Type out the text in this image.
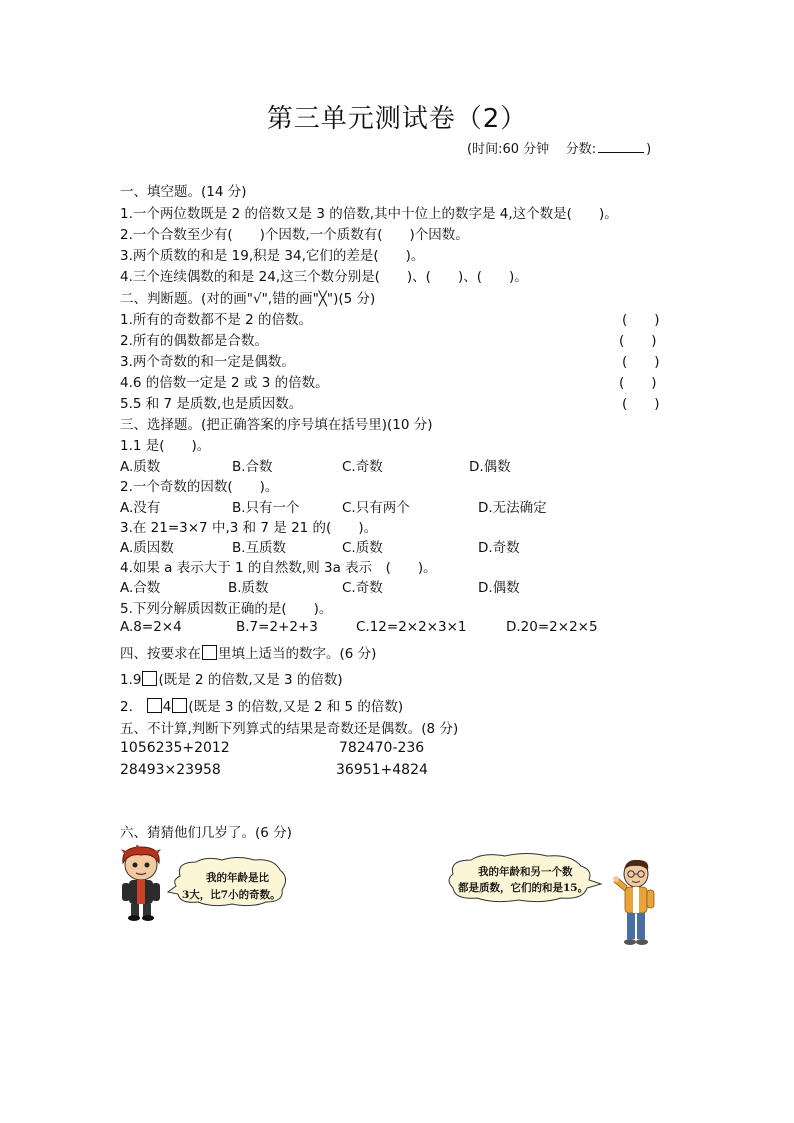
第三单元测试卷（2）
(时间:60 分钟 分数:	)
一、填空题。(14 分)
1.一个两位数既是 2 的倍数又是 3 的倍数,其中十位上的数字是 4,这个数是(　　)。
2.一个合数至少有(　　)个因数,一个质数有(　　)个因数。
3.两个质数的和是 19,积是 34,它们的差是(　　)。
4.三个连续偶数的和是 24,这三个数分别是(　　)、(　　)、(　　)。
二、判断题。(对的画"√",错的画"╳")(5 分)
1.所有的奇数都不是 2 的倍数。	(　　)
2.所有的偶数都是合数。	(　　)
3.两个奇数的和一定是偶数。	(　　)
4.6 的倍数一定是 2 或 3 的倍数。	(　　)
5.5 和 7 是质数,也是质因数。	(　　)
三、选择题。(把正确答案的序号填在括号里)(10 分)
1.1 是(　　)。
A.质数	B.合数	C.奇数	D.偶数
2.一个奇数的因数(　　)。
A.没有	B.只有一个	C.只有两个	D.无法确定
3.在 21=3×7 中,3 和 7 是 21 的(　　)。
A.质因数	B.互质数	C.质数	D.奇数
4.如果 a 表示大于 1 的自然数,则 3a 表示　(　　)。
A.合数	B.质数	C.奇数	D.偶数
5.下列分解质因数正确的是(　　)。
A.8=2×4	B.7=2+2+3	C.12=2×2×3×1	D.20=2×2×5
四、按要求在 里填上适当的数字。(6 分)
1.9 (既是 2 的倍数,又是 3 的倍数)
2. 4 (既是 3 的倍数,又是 2 和 5 的倍数)
五、不计算,判断下列算式的结果是奇数还是偶数。(8 分)
1056235+2012	782470-236
28493×23958	36951+4824
六、猜猜他们几岁了。(6 分)
我的年龄是比
3大，比7小的奇数。
我的年龄和另一个数
都是质数，它们的和是15。
